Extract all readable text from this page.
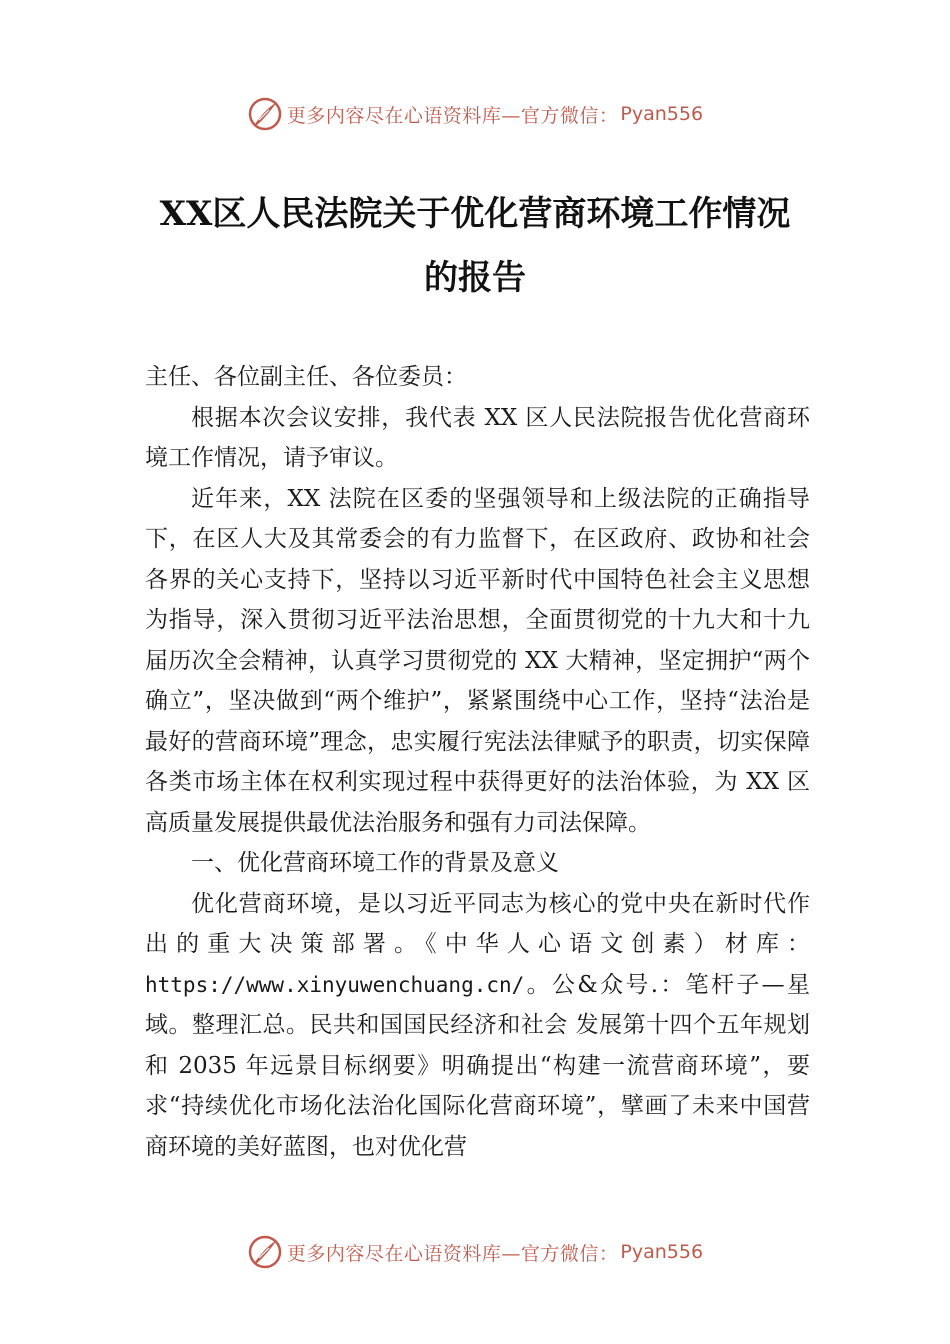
更多内容尽在心语资料库—官方微信： Pyan556
XX区人民法院关于优化营商环境工作情况
的报告

主任、各位副主任、各位委员：

根据本次会议安排，我代表 XX 区人民法院报告优化营商环境工作情况，请予审议。

近年来，XX 法院在区委的坚强领导和上级法院的正确指导下，在区人大及其常委会的有力监督下，在区政府、政协和社会各界的关心支持下，坚持以习近平新时代中国特色社会主义思想为指导，深入贯彻习近平法治思想，全面贯彻党的十九大和十九届历次全会精神，认真学习贯彻党的 XX 大精神，坚定拥护“两个确立”，坚决做到“两个维护”，紧紧围绕中心工作，坚持“法治是最好的营商环境”理念，忠实履行宪法法律赋予的职责，切实保障各类市场主体在权利实现过程中获得更好的法治体验，为 XX 区高质量发展提供最优法治服务和强有力司法保障。

一、优化营商环境工作的背景及意义

优化营商环境，是以习近平同志为核心的党中央在新时代作出的重大决策部署。《中华人心语文创素）材库：https://www.xinyuwenchuang.cn/。公&众号.：笔杆子—星域。整理汇总。民共和国国民经济和社会 发展第十四个五年规划和 2035 年远景目标纲要》明确提出“构建一流营商环境”，要求“持续优化市场化法治化国际化营商环境”，擘画了未来中国营商环境的美好蓝图，也对优化营

更多内容尽在心语资料库—官方微信： Pyan556
